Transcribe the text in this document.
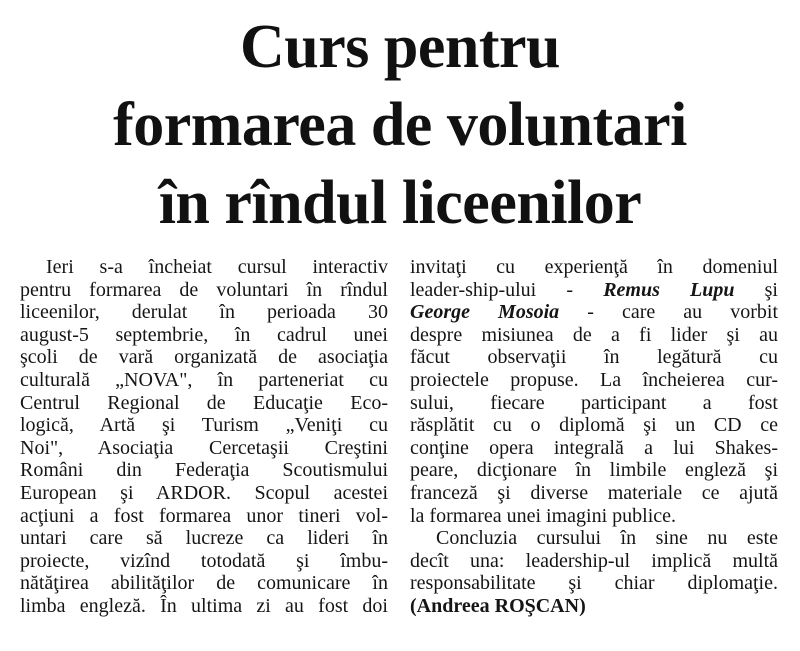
Curs pentru
formarea de voluntari
în rîndul liceenilor
Ieri s-a încheiat cursul interactiv
pentru formarea de voluntari în rîndul
liceenilor, derulat în perioada 30
august-5 septembrie, în cadrul unei
şcoli de vară organizată de asociaţia
culturală „NOVA", în parteneriat cu
Centrul Regional de Educaţie Eco-
logică, Artă şi Turism „Veniţi cu
Noi", Asociaţia Cercetaşii Creştini
Români din Federaţia Scoutismului
European şi ARDOR. Scopul acestei
acţiuni a fost formarea unor tineri vol-
untari care să lucreze ca lideri în
proiecte, vizînd totodată şi îmbu-
nătăţirea abilităţilor de comunicare în
limba engleză. În ultima zi au fost doi
invitaţi cu experienţă în domeniul
leader-ship-ului - Remus Lupu şi
George Mosoia - care au vorbit
despre misiunea de a fi lider şi au
făcut observaţii în legătură cu
proiectele propuse. La încheierea cur-
sului, fiecare participant a fost
răsplătit cu o diplomă şi un CD ce
conţine opera integrală a lui Shakes-
peare, dicţionare în limbile engleză şi
franceză şi diverse materiale ce ajută
la formarea unei imagini publice.
Concluzia cursului în sine nu este
decît una: leadership-ul implică multă
responsabilitate şi chiar diplomaţie.
(Andreea ROŞCAN)
